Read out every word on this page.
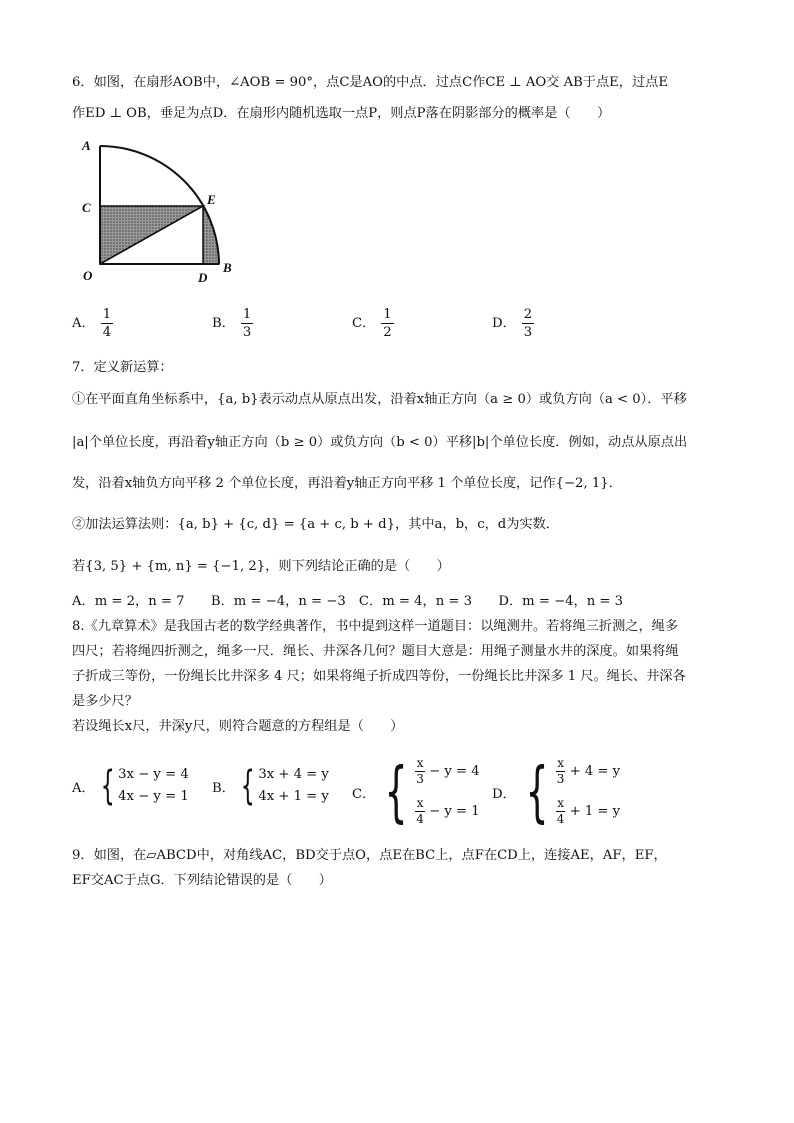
6．如图，在扇形AOB中，∠AOB = 90°，点C是AO的中点．过点C作CE ⊥ AO交 AB于点E，过点E
作ED ⊥ OB，垂足为点D．在扇形内随机选取一点P，则点P落在阴影部分的概率是（　　）
A
C
E
O	D
B
A． $\frac{1}{4}$	B． $\frac{1}{3}$	C． $\frac{1}{2}$	D． $\frac{2}{3}$
7．定义新运算：
①在平面直角坐标系中，{a, b}表示动点从原点出发，沿着x轴正方向（a ≥ 0）或负方向（a < 0）．平移
|a|个单位长度，再沿着y轴正方向（b ≥ 0）或负方向（b < 0）平移|b|个单位长度．例如，动点从原点出
发，沿着x轴负方向平移 2 个单位长度，再沿着y轴正方向平移 1 个单位长度，记作{−2, 1}．
②加法运算法则：{a, b} + {c, d} = {a + c, b + d}，其中a，b，c，d为实数．
若{3, 5} + {m, n} = {−1, 2}，则下列结论正确的是（　　）
A．m = 2，n = 7　　B．m = −4，n = −3　C．m = 4，n = 3　　D．m = −4，n = 3
8.《九章算术》是我国古老的数学经典著作，书中提到这样一道题目：以绳测井。若将绳三折测之，绳多
四尺；若将绳四折测之，绳多一尺．绳长、井深各几何？题目大意是：用绳子测量水井的深度。如果将绳
子折成三等份，一份绳长比井深多 4 尺；如果将绳子折成四等份，一份绳长比井深多 1 尺。绳长、井深各
是多少尺？
若设绳长x尺，井深y尺，则符合题意的方程组是（　　）
A． { 3x − y = 4
4x − y = 1
B． { 3x + 4 = y
4x + 1 = y C． { $\frac{x}{3} - y = 4$
$\frac{x}{4} - y = 1$
D． { $\frac{x}{3} + 4 = y$
$\frac{x}{4} + 1 = y$
9．如图，在▱ABCD中，对角线AC，BD交于点O，点E在BC上，点F在CD上，连接AE，AF，EF，
EF交AC于点G．下列结论错误的是（　　）
